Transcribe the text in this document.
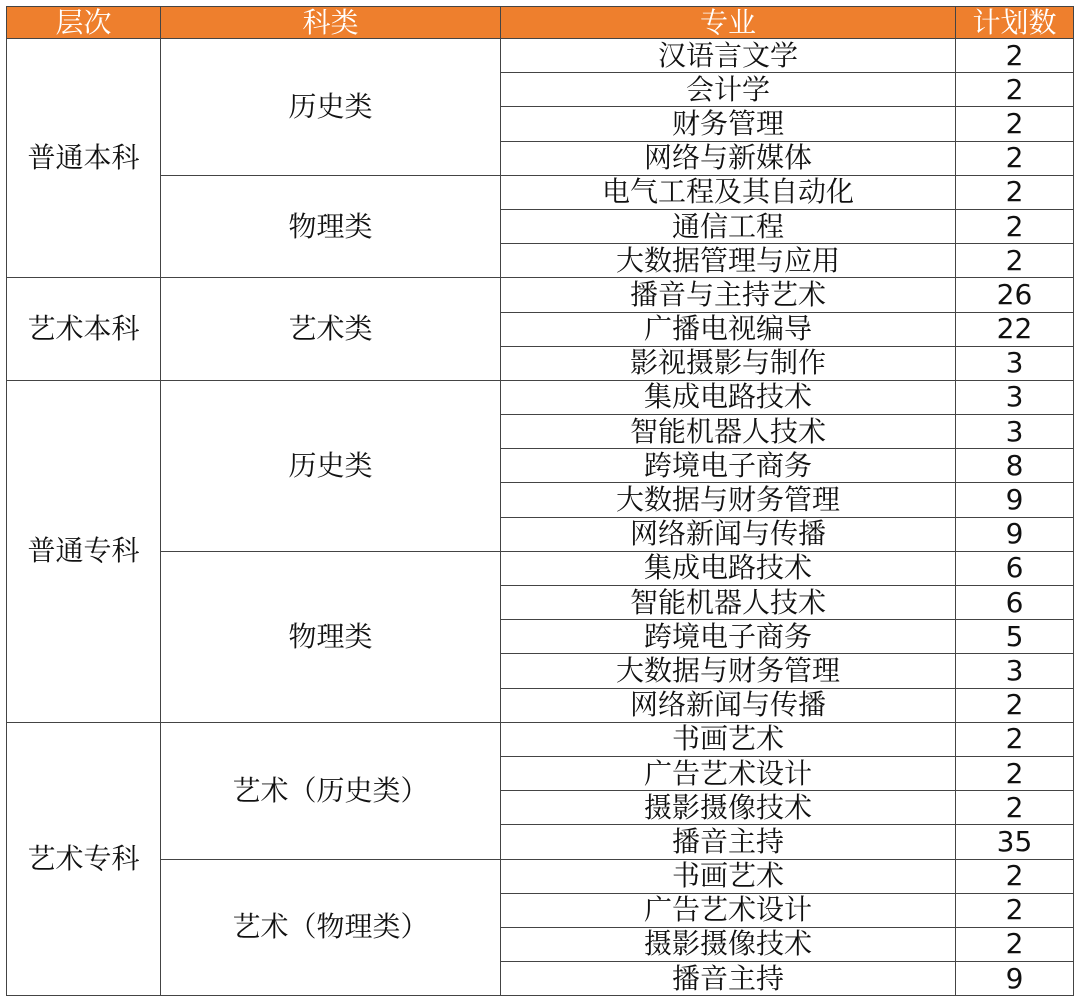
层次	科类	专业	计划数
普通本科	历史类	汉语言文学	2
		会计学	2
		财务管理	2
		网络与新媒体	2
	物理类	电气工程及其自动化	2
		通信工程	2
		大数据管理与应用	2
艺术本科	艺术类	播音与主持艺术	26
		广播电视编导	22
		影视摄影与制作	3
普通专科	历史类	集成电路技术	3
		智能机器人技术	3
		跨境电子商务	8
		大数据与财务管理	9
		网络新闻与传播	9
	物理类	集成电路技术	6
		智能机器人技术	6
		跨境电子商务	5
		大数据与财务管理	3
		网络新闻与传播	2
艺术专科	艺术（历史类）	书画艺术	2
		广告艺术设计	2
		摄影摄像技术	2
		播音主持	35
	艺术（物理类）	书画艺术	2
		广告艺术设计	2
		摄影摄像技术	2
		播音主持	9
